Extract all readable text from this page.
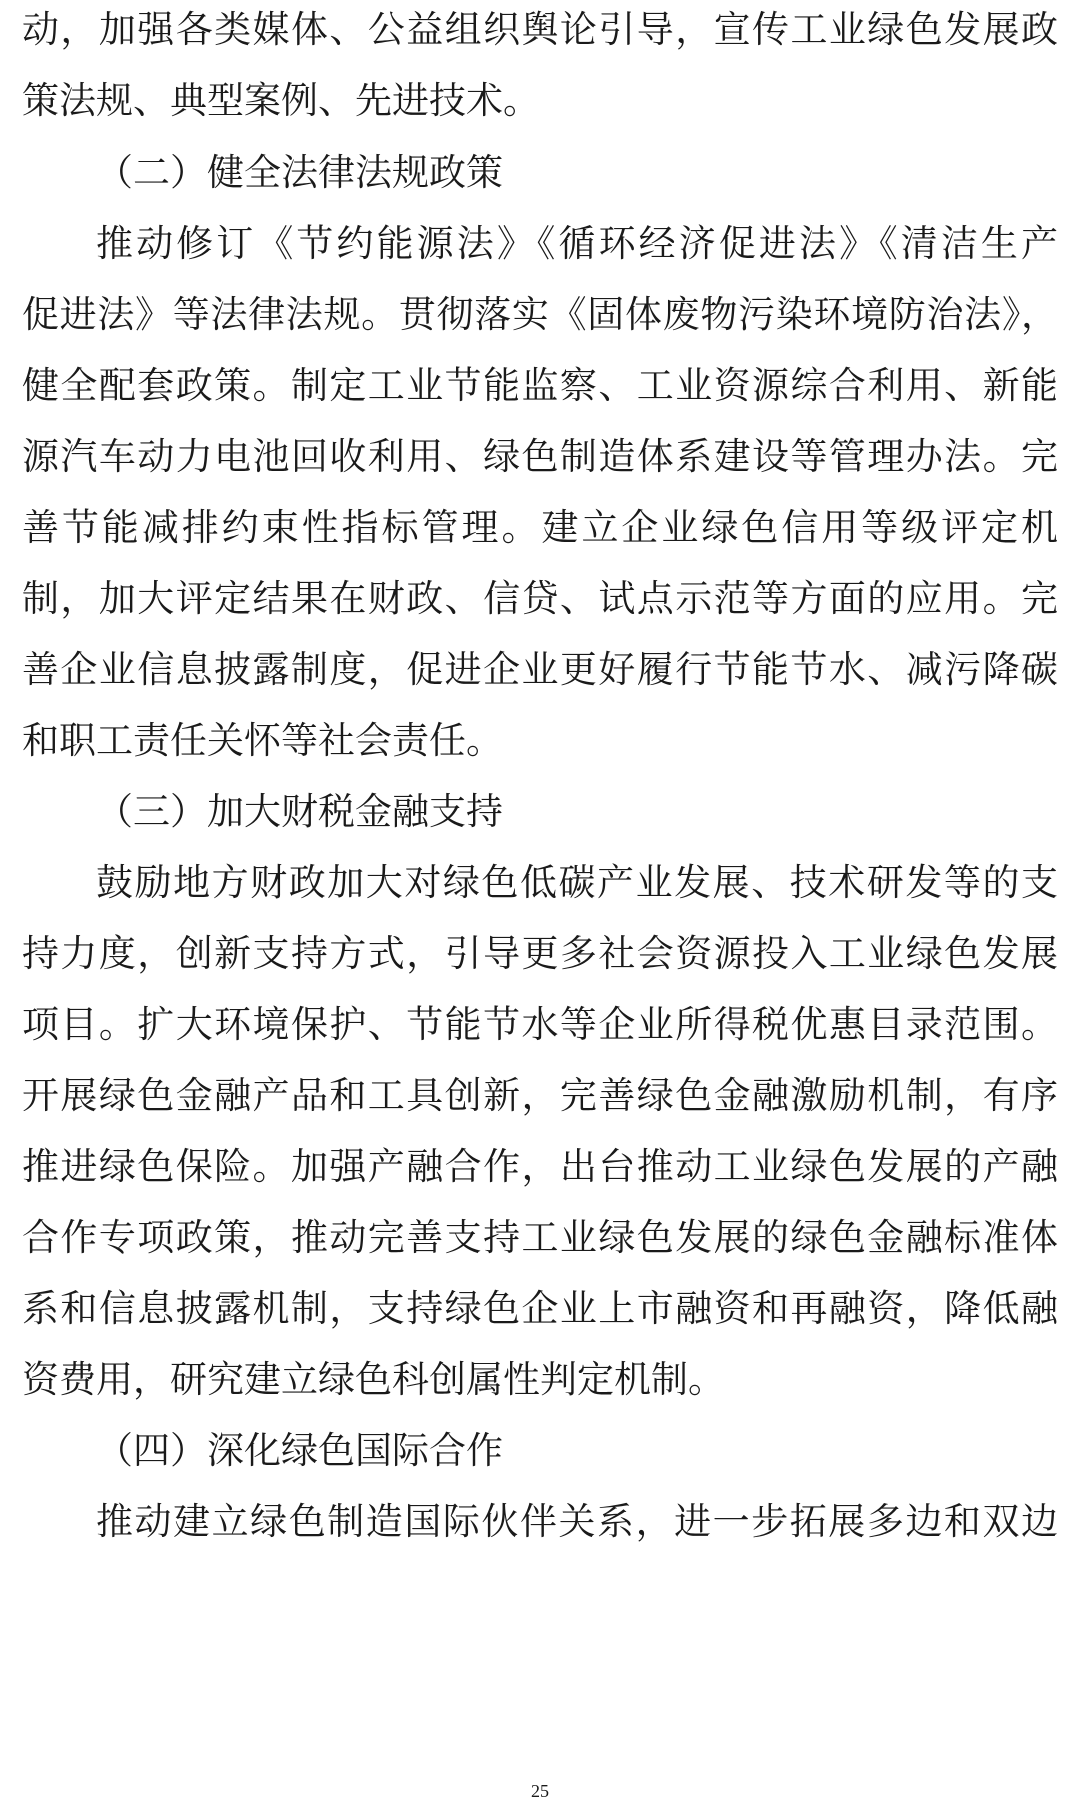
动，加强各类媒体、公益组织舆论引导，宣传工业绿色发展政
策法规、典型案例、先进技术。
（二）健全法律法规政策
推动修订《节约能源法》《循环经济促进法》《清洁生产
促进法》等法律法规。贯彻落实《固体废物污染环境防治法》，
健全配套政策。制定工业节能监察、工业资源综合利用、新能
源汽车动力电池回收利用、绿色制造体系建设等管理办法。完
善节能减排约束性指标管理。建立企业绿色信用等级评定机
制，加大评定结果在财政、信贷、试点示范等方面的应用。完
善企业信息披露制度，促进企业更好履行节能节水、减污降碳
和职工责任关怀等社会责任。
（三）加大财税金融支持
鼓励地方财政加大对绿色低碳产业发展、技术研发等的支
持力度，创新支持方式，引导更多社会资源投入工业绿色发展
项目。扩大环境保护、节能节水等企业所得税优惠目录范围。
开展绿色金融产品和工具创新，完善绿色金融激励机制，有序
推进绿色保险。加强产融合作，出台推动工业绿色发展的产融
合作专项政策，推动完善支持工业绿色发展的绿色金融标准体
系和信息披露机制，支持绿色企业上市融资和再融资，降低融
资费用，研究建立绿色科创属性判定机制。
（四）深化绿色国际合作
推动建立绿色制造国际伙伴关系，进一步拓展多边和双边
25
